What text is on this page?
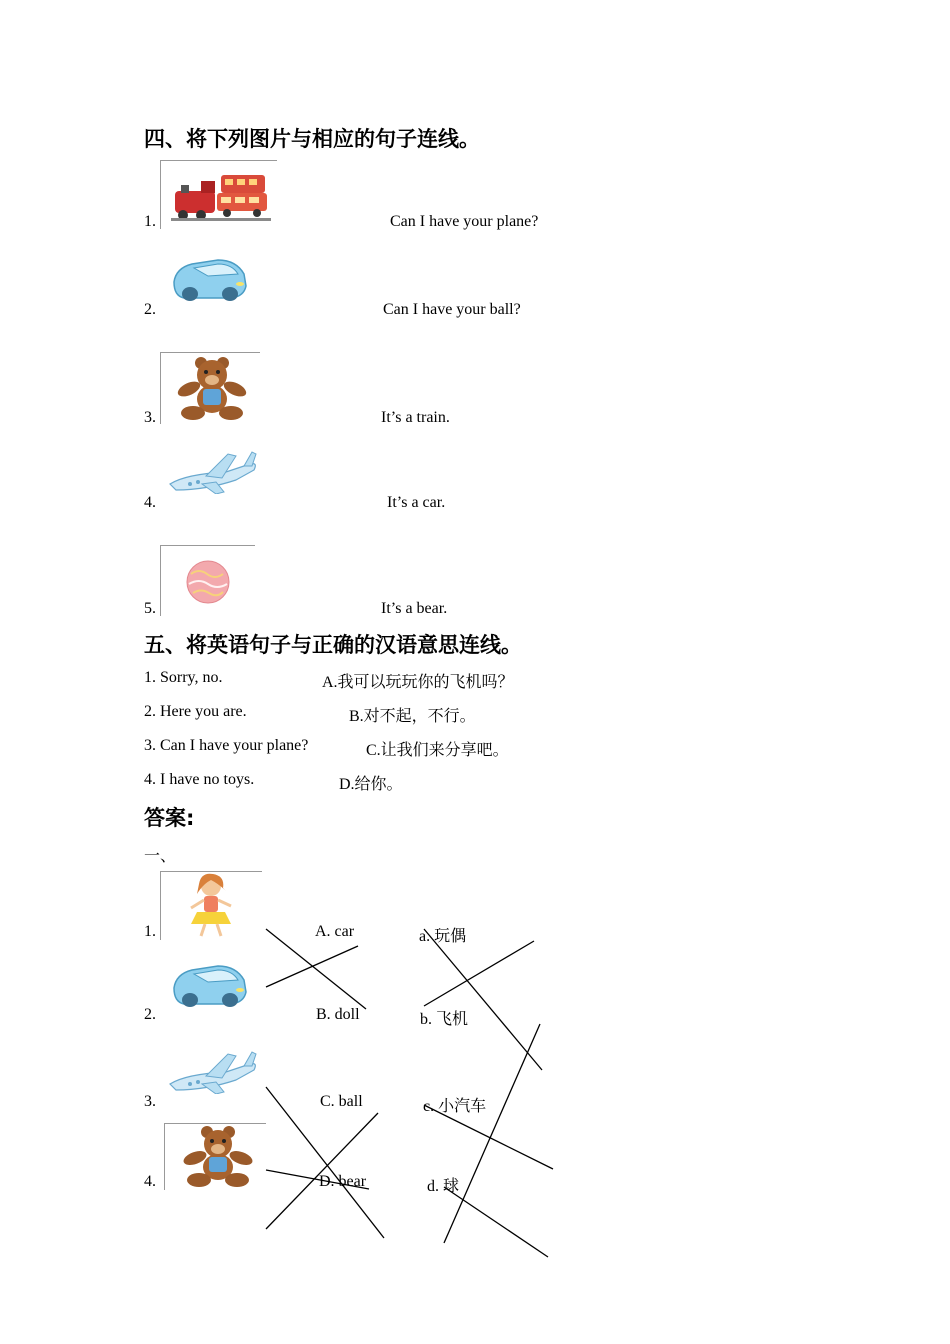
四、将下列图片与相应的句子连线。
1.	Can I have your plane?
2.	Can I have your ball?
3.	It’s a train.
4.	It’s a car.
5.	It’s a bear.
五、将英语句子与正确的汉语意思连线。
1. Sorry, no.	A.我可以玩玩你的飞机吗？
2. Here you are.	B.对不起，不行。
3. Can I have your plane?	C.让我们来分享吧。
4. I have no toys.	D.给你。
答案:
一、
1.	A. car	a. 玩偶
2.	B. doll	b. 飞机
3.	C. ball	c. 小汽车
4.	D. bear	d. 球
